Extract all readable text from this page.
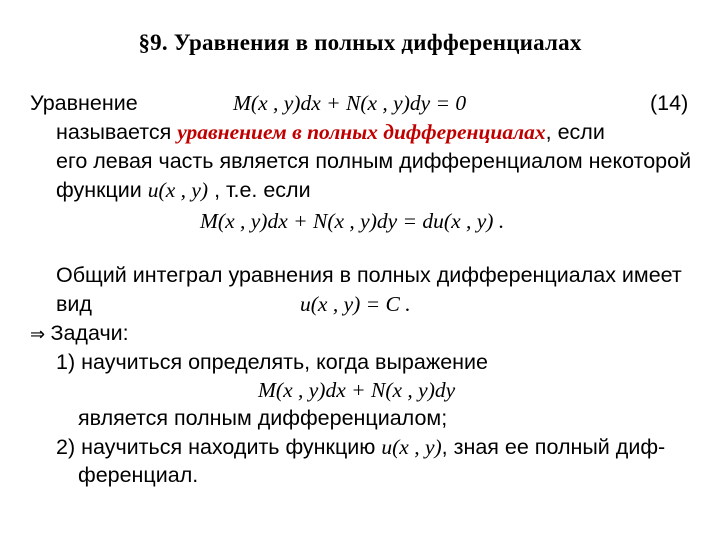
§9. Уравнения в полных дифференциалах
Уравнение	M(x , y)dx + N(x , y)dy = 0	(14)
называется уравнением в полных дифференциалах, если
его левая часть является полным дифференциалом некоторой
функции u(x , y) , т.е. если
M(x , y)dx + N(x , y)dy = du(x , y) .
Общий интеграл уравнения в полных дифференциалах имеет
вид	u(x , y) = C .
⇒ Задачи:
1) научиться определять, когда выражение
M(x , y)dx + N(x , y)dy
является полным дифференциалом;
2) научиться находить функцию u(x , y), зная ее полный диф-
ференциал.
